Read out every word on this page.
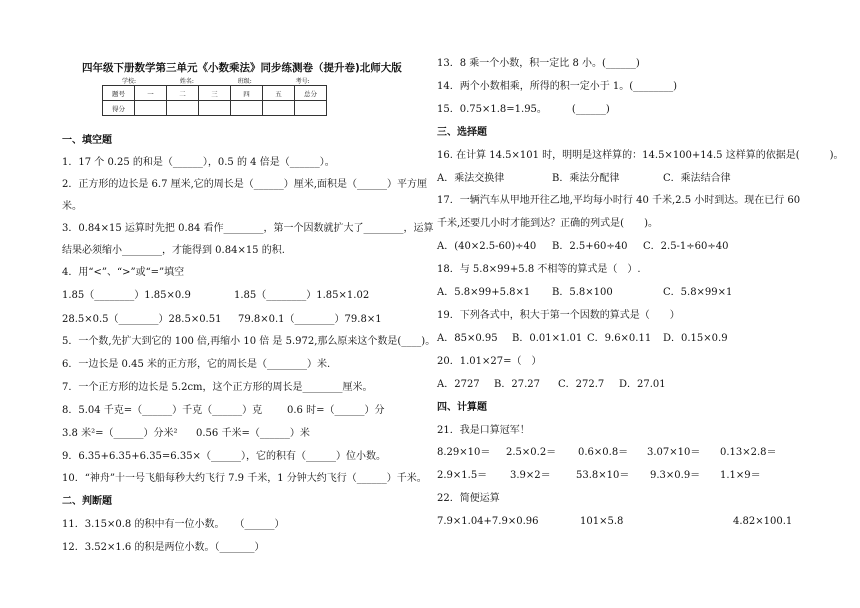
四年级下册数学第三单元《小数乘法》同步练测卷（提升卷)北师大版
学校:	姓名:	班级:	考号:
题号	一	二	三	四	五	总分
得分						
一、填空题
1．17 个 0.25 的和是（______），0.5 的 4 倍是（______）。
2．正方形的边长是 6.7 厘米,它的周长是（______）厘米,面积是（______）平方厘
米。
3．0.84×15 运算时先把 0.84 看作________，第一个因数就扩大了________，运算
结果必须缩小________，才能得到 0.84×15 的积.
4．用“<”、“>”或“=”填空
1.85（________）1.85×0.9	1.85（________）1.85×1.02
28.5×0.5（________）28.5×0.51 79.8×0.1（________）79.8×1
5．一个数,先扩大到它的 100 倍,再缩小 10 倍 是 5.972,那么原来这个数是(____)。
6．一边长是 0.45 米的正方形，它的周长是（________）米.
7．一个正方形的边长是 5.2cm，这个正方形的周长是________厘米。
8．5.04 千克=（______）千克（______）克 0.6 时=（______）分
3.8 米²=（______）分米² 0.56 千米=（______）米
9．6.35+6.35+6.35=6.35×（______），它的积有（______）位小数。
10．“神舟”十一号飞船每秒大约飞行 7.9 千米，1 分钟大约飞行（______）千米。
二、判断题
11．3.15×0.8 的积中有一位小数。　　（______）
12．3.52×1.6 的积是两位小数。（_______）
13．8 乘一个小数，积一定比 8 小。(______)
14．两个小数相乘，所得的积一定小于 1。(________)
15．0.75×1.8=1.95。　　　(______)
三、选择题
16. 在计算 14.5×101 时，明明是这样算的：14.5×100+14.5 这样算的依据是(　　　)。
A．乘法交换律	B．乘法分配律	C．乘法结合律
17．一辆汽车从甲地开往乙地,平均每小时行 40 千米,2.5 小时到达。现在已行 60
千米,还要几小时才能到达？正确的列式是(　　)。
A．(40×2.5-60)÷40 B．2.5+60÷40 C．2.5-1÷60÷40
18．与 5.8×99+5.8 不相等的算式是（　）.
A．5.8×99+5.8×1 B．5.8×100	C．5.8×99×1
19．下列各式中，积大于第一个因数的算式是（　　）
A．85×0.95 B．0.01×1.01 C．9.6×0.11 D．0.15×0.9
20．1.01×27=（　）
A．2727 B．27.27 C．272.7 D．27.01
四、计算题
21．我是口算冠军！
8.29×10＝ 2.5×0.2＝ 0.6×0.8＝ 3.07×10＝ 0.13×2.8＝
2.9×1.5＝ 3.9×2＝	53.8×10＝ 9.3×0.9＝ 1.1×9＝
22．简便运算
7.9×1.04+7.9×0.96	101×5.8	4.82×100.1
